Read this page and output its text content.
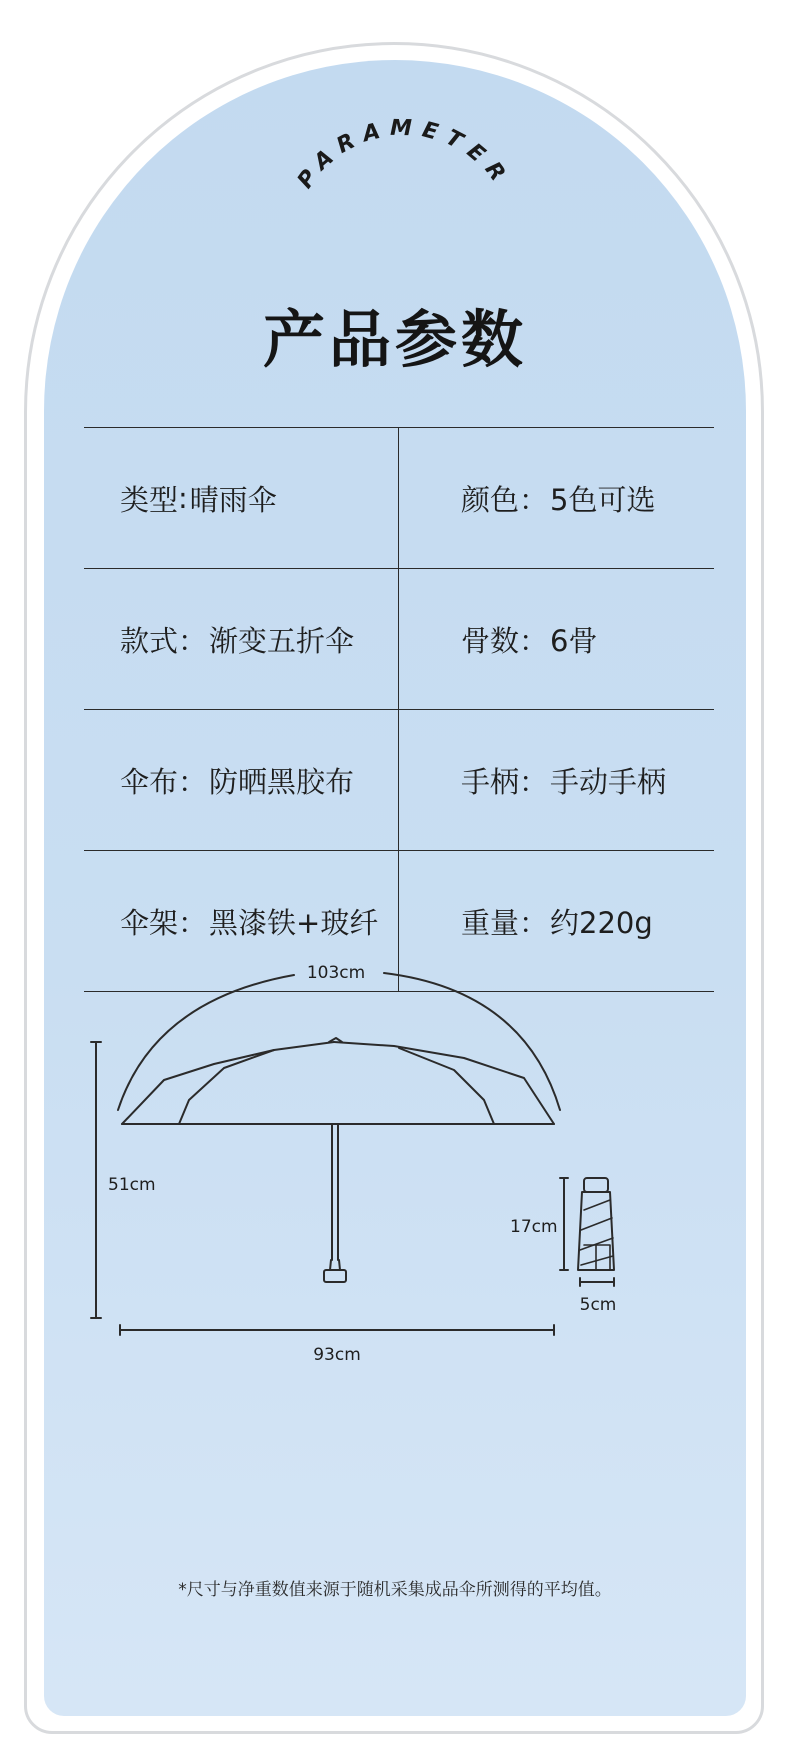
PARAMETER
产品参数
类型 : 晴雨伞	颜色 ： 5色可选
款式 ： 渐变五折伞	骨数 ： 6骨
伞布 ： 防晒黑胶布	手柄 ： 手动手柄
伞架 ： 黑漆铁+玻纤	重量 ： 约220g
103cm
51cm
93cm
17cm
5cm
*尺寸与净重数值来源于随机采集成品伞所测得的平均值。
